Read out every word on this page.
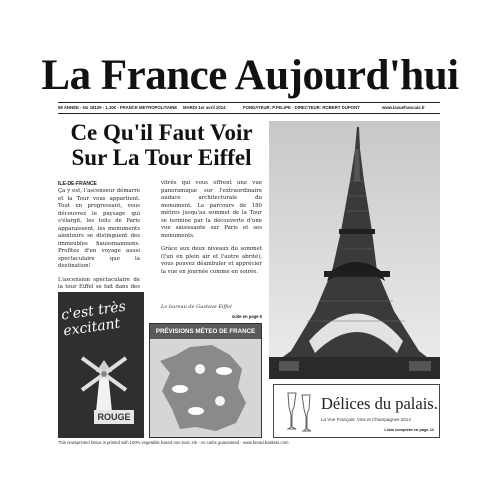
La France Aujourd'hui
58 ANNÉE - No 18129 - 1,30€ - FRANCE METROPOLITAINE MARDI 1er avril 2014	FONDATEUR: P.FELIPE - DIRECTEUR: ROBERT DUPONT	www.lavuefrancais.fr
Ce Qu'il Faut Voir
Sur La Tour Eiffel
ILE-DE-FRANCE

Ça y est, l'ascenseur démarre et la Tour vous appartient. Tout en progressant, vous découvrez le paysage qui s'élargit, les toits de Paris apparaissent, les monuments alentours se distinguent des immeubles haussmanniens. Profitez d'un voyage aussi spectaculaire que la destination!

L'ascension spectaculaire de la tour Eiffel se fait dans des

vitrés qui vous offrent une vue panoramique sur l'extraordinaire audace architecturale du monument. Le parcours de 180 mètres jusqu'au sommet de la Tour se termine par la découverte d'une vue saisissante sur Paris et ses monuments.

Grâce aux deux niveaux du sommet (l'un en plein air et l'autre abrité), vous pouvez déambuler et apprécier la vue en journée comme en soirée.

Le bureau de Gustave Eiffel
suite en page 6
c'est très excitant
ROUGE
PRÉVISIONS MÉTEO DE FRANCE
Délices du palais.
La Vue Français: Vins et Champagnes 2014
Lista completa en page 11
This newsprinted tissue is printed with 100% vegetable based non-toxic ink - no carbs guaranteed - www.bread-baskets.com
